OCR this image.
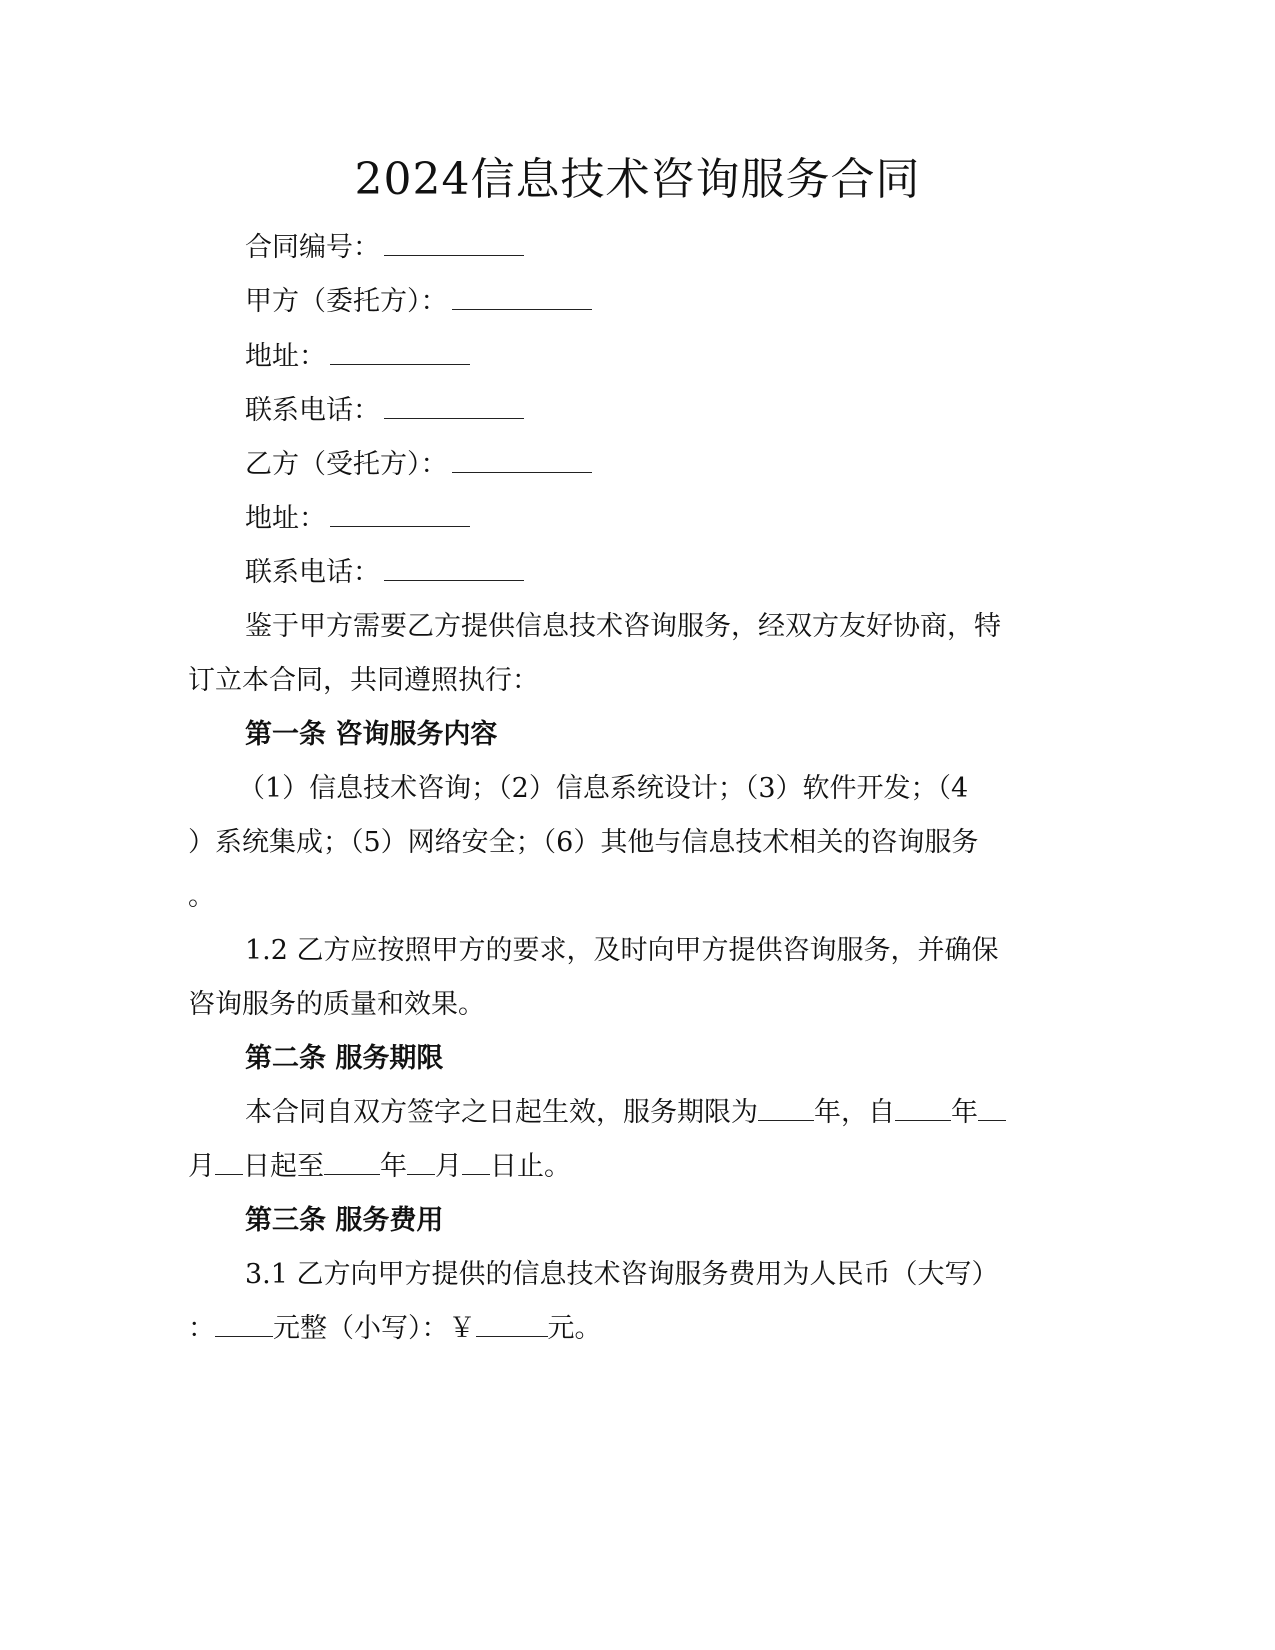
2024信息技术咨询服务合同
合同编号：
甲方（委托方）：
地址：
联系电话：
乙方（受托方）：
地址：
联系电话：
鉴于甲方需要乙方提供信息技术咨询服务，经双方友好协商，特
订立本合同，共同遵照执行：
第一条 咨询服务内容
（1）信息技术咨询；（2）信息系统设计；（3）软件开发；（4
）系统集成；（5）网络安全；（6）其他与信息技术相关的咨询服务
。
1.2 乙方应按照甲方的要求，及时向甲方提供咨询服务，并确保
咨询服务的质量和效果。
第二条 服务期限
本合同自双方签字之日起生效，服务期限为 年，自 年
月 日起至 年 月 日止。
第三条 服务费用
3.1 乙方向甲方提供的信息技术咨询服务费用为人民币（大写）
： 元整（小写）：￥	元。
